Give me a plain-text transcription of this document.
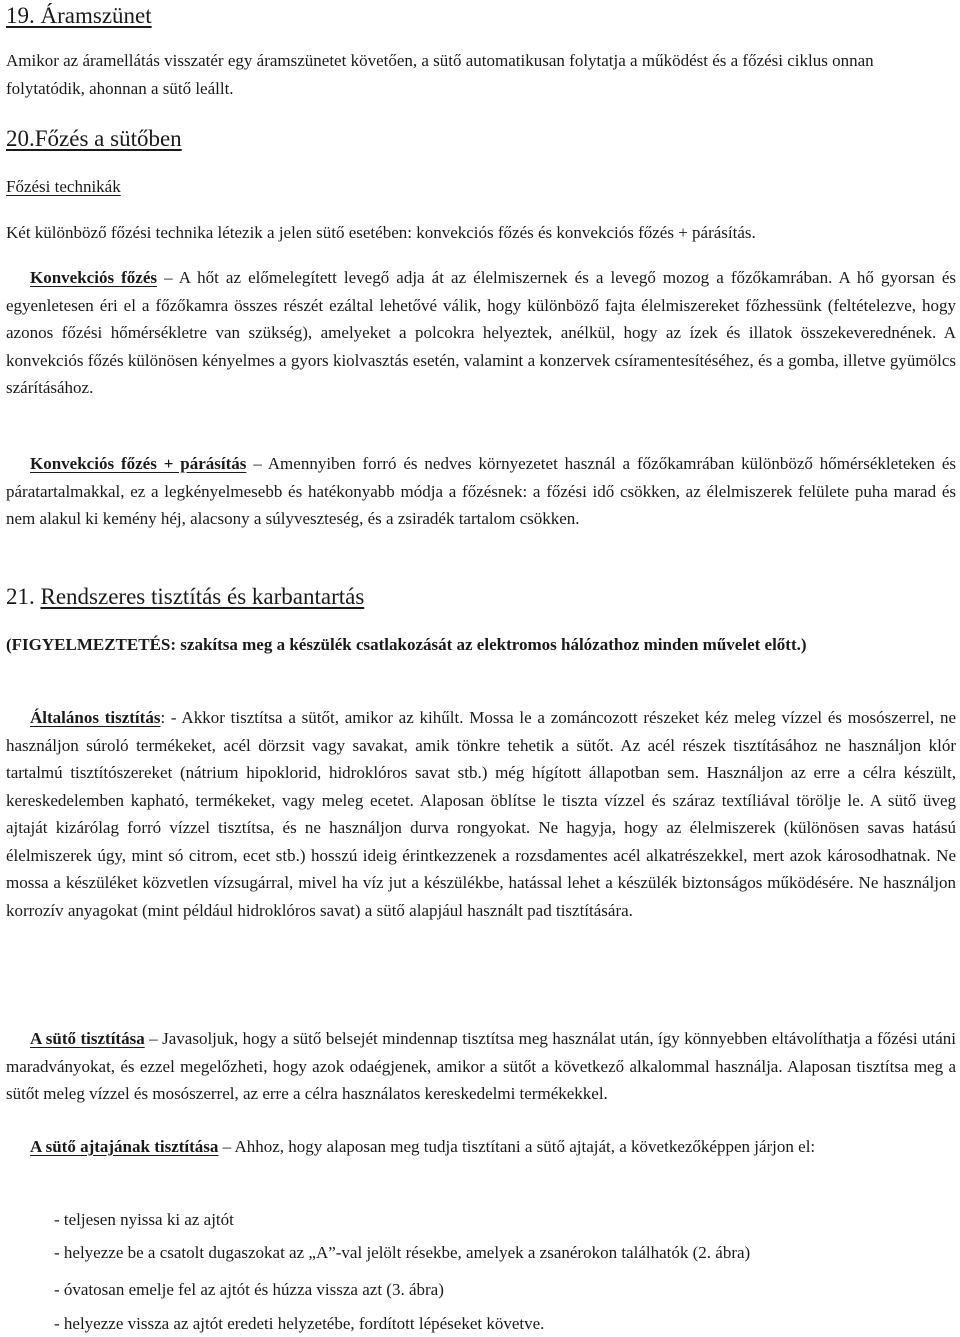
19. Áramszünet

Amikor az áramellátás visszatér egy áramszünetet követően, a sütő automatikusan folytatja a működést és a főzési ciklus onnan folytatódik, ahonnan a sütő leállt.

20.Főzés a sütőben

Főzési technikák

Két különböző főzési technika létezik a jelen sütő esetében: konvekciós főzés és konvekciós főzés + párásítás.

Konvekciós főzés – A hőt az előmelegített levegő adja át az élelmiszernek és a levegő mozog a főzőkamrában. A hő gyorsan és egyenletesen éri el a főzőkamra összes részét ezáltal lehetővé válik, hogy különböző fajta élelmiszereket főzhessünk (feltételezve, hogy azonos főzési hőmérsékletre van szükség), amelyeket a polcokra helyeztek, anélkül, hogy az ízek és illatok összekeverednének. A konvekciós főzés különösen kényelmes a gyors kiolvasztás esetén, valamint a konzervek csíramentesítéséhez, és a gomba, illetve gyümölcs szárításához.

Konvekciós főzés + párásítás – Amennyiben forró és nedves környezetet használ a főzőkamrában különböző hőmérsékleteken és páratartalmakkal, ez a legkényelmesebb és hatékonyabb módja a főzésnek: a főzési idő csökken, az élelmiszerek felülete puha marad és nem alakul ki kemény héj, alacsony a súlyveszteség, és a zsiradék tartalom csökken.

21. Rendszeres tisztítás és karbantartás

(FIGYELMEZTETÉS: szakítsa meg a készülék csatlakozását az elektromos hálózathoz minden művelet előtt.)

Általános tisztítás: - Akkor tisztítsa a sütőt, amikor az kihűlt. Mossa le a zománcozott részeket kéz meleg vízzel és mosószerrel, ne használjon súroló termékeket, acél dörzsit vagy savakat, amik tönkre tehetik a sütőt. Az acél részek tisztításához ne használjon klór tartalmú tisztítószereket (nátrium hipoklorid, hidroklóros savat stb.) még hígított állapotban sem. Használjon az erre a célra készült, kereskedelemben kapható, termékeket, vagy meleg ecetet. Alaposan öblítse le tiszta vízzel és száraz textíliával törölje le. A sütő üveg ajtaját kizárólag forró vízzel tisztítsa, és ne használjon durva rongyokat. Ne hagyja, hogy az élelmiszerek (különösen savas hatású élelmiszerek úgy, mint só citrom, ecet stb.) hosszú ideig érintkezzenek a rozsdamentes acél alkatrészekkel, mert azok károsodhatnak. Ne mossa a készüléket közvetlen vízsugárral, mivel ha víz jut a készülékbe, hatással lehet a készülék biztonságos működésére. Ne használjon korrozív anyagokat (mint például hidroklóros savat) a sütő alapjául használt pad tisztítására.

A sütő tisztítása – Javasoljuk, hogy a sütő belsejét mindennap tisztítsa meg használat után, így könnyebben eltávolíthatja a főzési utáni maradványokat, és ezzel megelőzheti, hogy azok odaégjenek, amikor a sütőt a következő alkalommal használja. Alaposan tisztítsa meg a sütőt meleg vízzel és mosószerrel, az erre a célra használatos kereskedelmi termékekkel.

A sütő ajtajának tisztítása – Ahhoz, hogy alaposan meg tudja tisztítani a sütő ajtaját, a következőképpen járjon el:

- teljesen nyissa ki az ajtót

- helyezze be a csatolt dugaszokat az „A”-val jelölt résekbe, amelyek a zsanérokon találhatók (2. ábra)

- óvatosan emelje fel az ajtót és húzza vissza azt (3. ábra)

- helyezze vissza az ajtót eredeti helyzetébe, fordított lépéseket követve.
